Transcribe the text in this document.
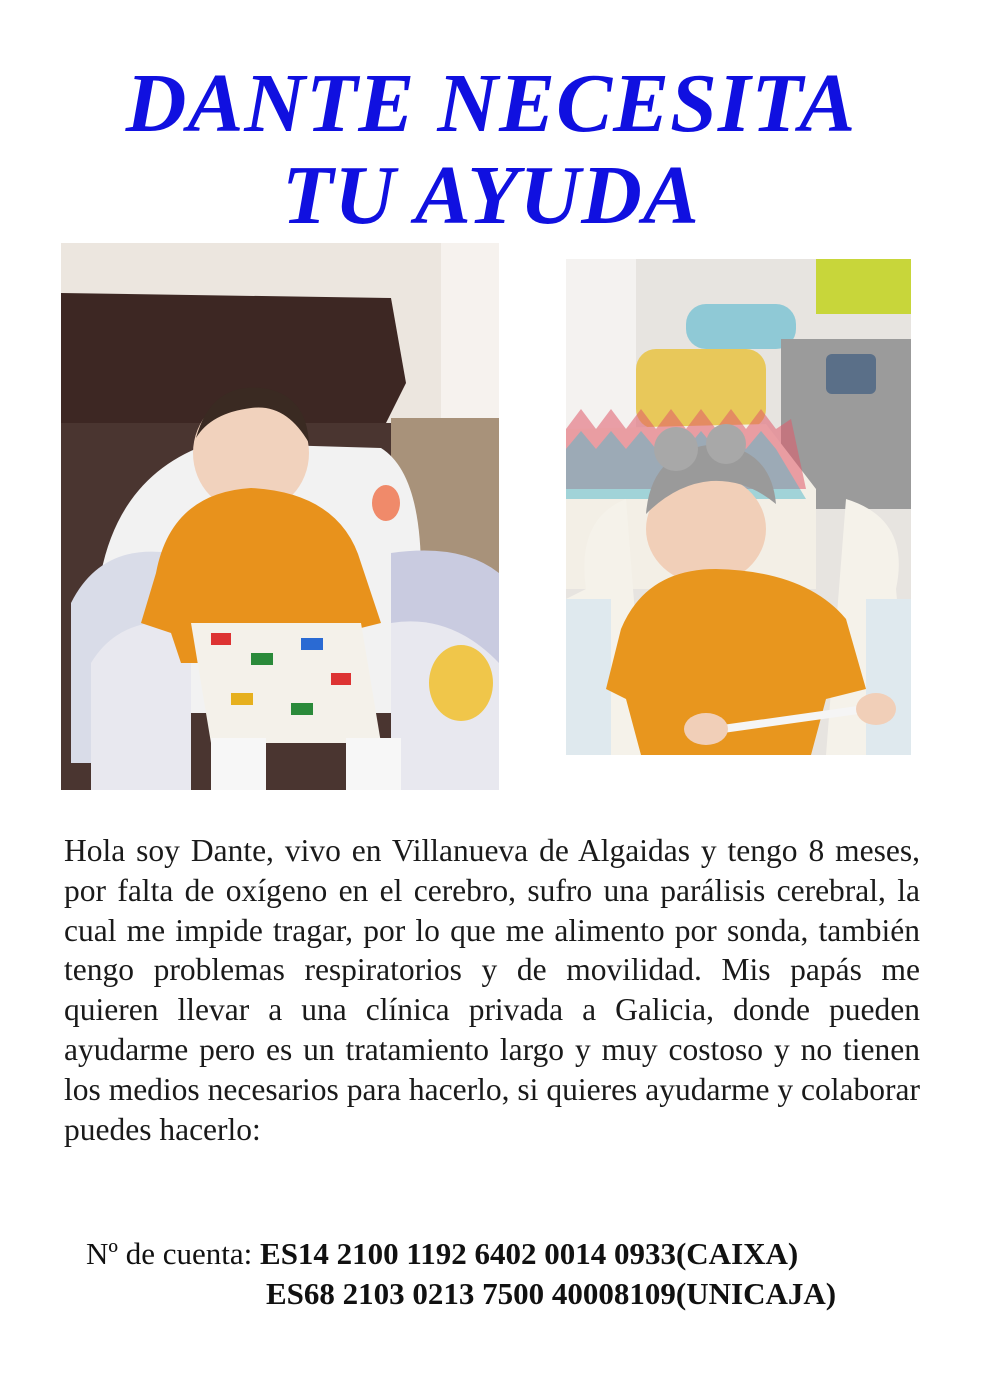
DANTE NECESITA
TU AYUDA

Hola soy Dante, vivo en Villanueva de Algaidas y tengo 8 meses, por falta de oxígeno en el cerebro, sufro una parálisis cerebral, la cual me impide tragar, por lo que me alimento por sonda, también tengo problemas respiratorios y de movilidad. Mis papás me quieren llevar a una clínica privada a Galicia, donde pueden ayudarme pero es un tratamiento largo y muy costoso y no tienen los medios necesarios para hacerlo, si quieres ayudarme y colaborar puedes hacerlo:

Nº de cuenta: ES14 2100 1192 6402 0014 0933(CAIXA)
ES68 2103 0213 7500 40008109(UNICAJA)
